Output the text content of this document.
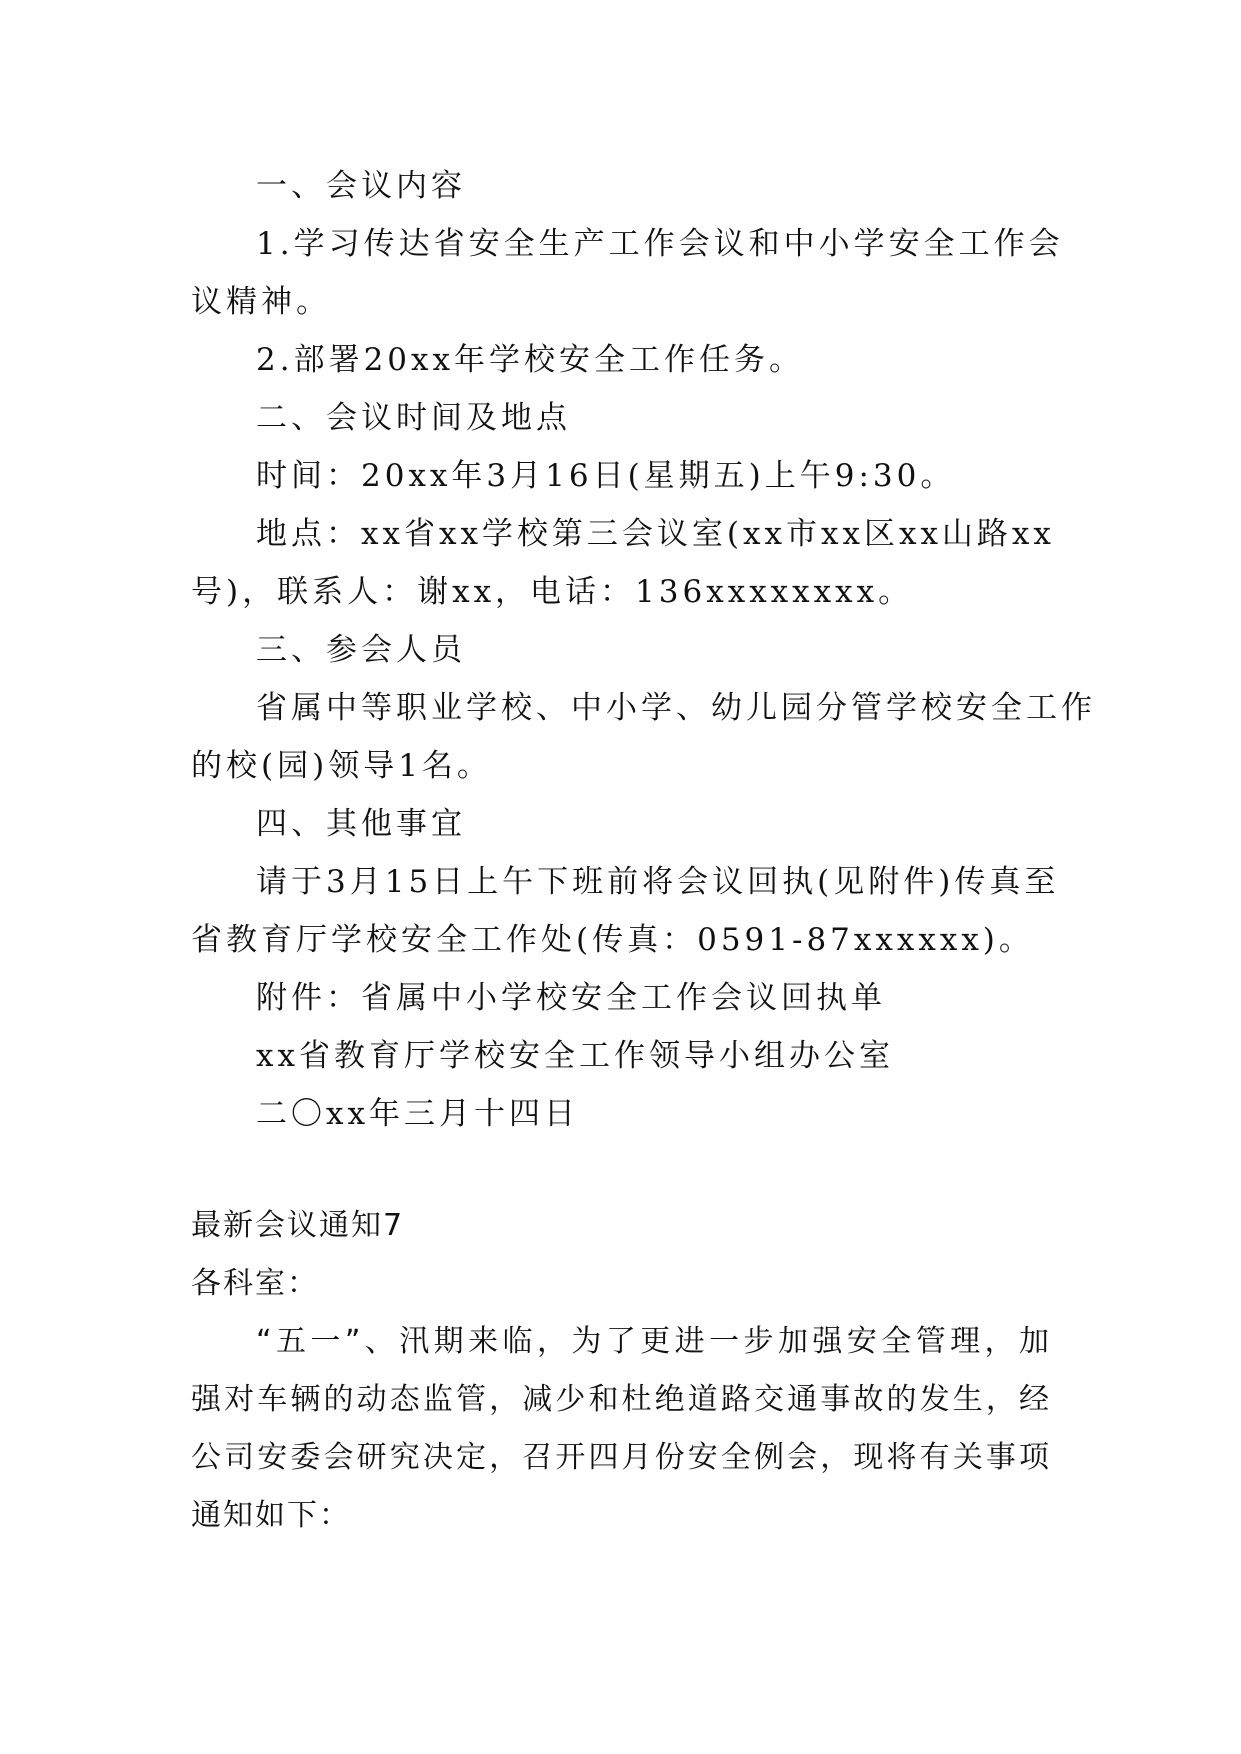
一、会议内容
1.学习传达省安全生产工作会议和中小学安全工作会
议精神。
2.部署20xx年学校安全工作任务。
二、会议时间及地点
时间：20xx年3月16日(星期五)上午9:30。
地点：xx省xx学校第三会议室(xx市xx区xx山路xx
号)，联系人：谢xx，电话：136xxxxxxxx。
三、参会人员
省属中等职业学校、中小学、幼儿园分管学校安全工作
的校(园)领导1名。
四、其他事宜
请于3月15日上午下班前将会议回执(见附件)传真至
省教育厅学校安全工作处(传真：0591-87xxxxxx)。
附件：省属中小学校安全工作会议回执单
xx省教育厅学校安全工作领导小组办公室
二〇xx年三月十四日
最新会议通知7
各科室：
“五一”、汛期来临，为了更进一步加强安全管理，加
强对车辆的动态监管，减少和杜绝道路交通事故的发生，经
公司安委会研究决定，召开四月份安全例会，现将有关事项
通知如下：
